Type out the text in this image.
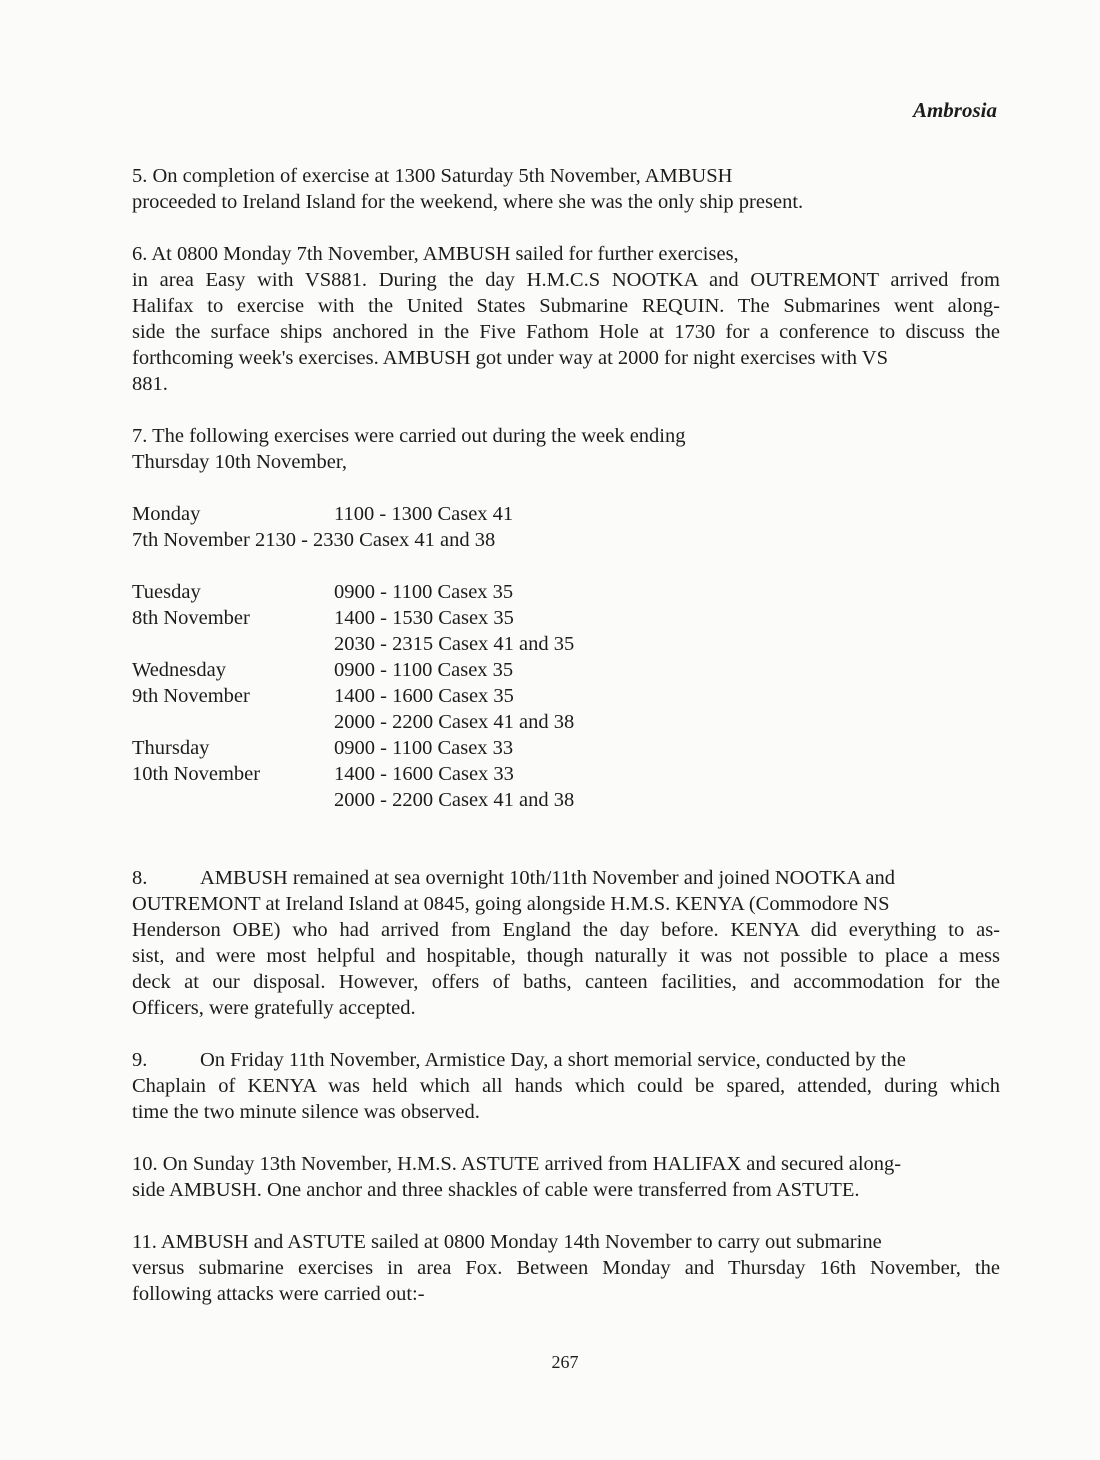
Ambrosia

5. On completion of exercise at 1300 Saturday 5th November, AMBUSH
proceeded to Ireland Island for the weekend, where she was the only ship present.

6. At 0800 Monday 7th November, AMBUSH sailed for further exercises,
in area Easy with VS881. During the day H.M.C.S NOOTKA and OUTREMONT arrived from
Halifax to exercise with the United States Submarine REQUIN. The Submarines went along-
side the surface ships anchored in the Five Fathom Hole at 1730 for a conference to discuss the
forthcoming week's exercises. AMBUSH got under way at 2000 for night exercises with VS
881.

7. The following exercises were carried out during the week ending
Thursday 10th November,

Monday	1100 - 1300 Casex 41
7th November 2130 - 2330 Casex 41 and 38
Tuesday	0900 - 1100 Casex 35
8th November	1400 - 1530 Casex 35
2030 - 2315 Casex 41 and 35
Wednesday	0900 - 1100 Casex 35
9th November	1400 - 1600 Casex 35
2000 - 2200 Casex 41 and 38
Thursday	0900 - 1100 Casex 33
10th November	1400 - 1600 Casex 33
2000 - 2200 Casex 41 and 38

8.	AMBUSH remained at sea overnight 10th/11th November and joined NOOTKA and
OUTREMONT at Ireland Island at 0845, going alongside H.M.S. KENYA (Commodore NS
Henderson OBE) who had arrived from England the day before. KENYA did everything to as-
sist, and were most helpful and hospitable, though naturally it was not possible to place a mess
deck at our disposal. However, offers of baths, canteen facilities, and accommodation for the
Officers, were gratefully accepted.

9.	On Friday 11th November, Armistice Day, a short memorial service, conducted by the
Chaplain of KENYA was held which all hands which could be spared, attended, during which
time the two minute silence was observed.

10. On Sunday 13th November, H.M.S. ASTUTE arrived from HALIFAX and secured along-
side AMBUSH. One anchor and three shackles of cable were transferred from ASTUTE.

11. AMBUSH and ASTUTE sailed at 0800 Monday 14th November to carry out submarine
versus submarine exercises in area Fox. Between Monday and Thursday 16th November, the
following attacks were carried out:-

267
